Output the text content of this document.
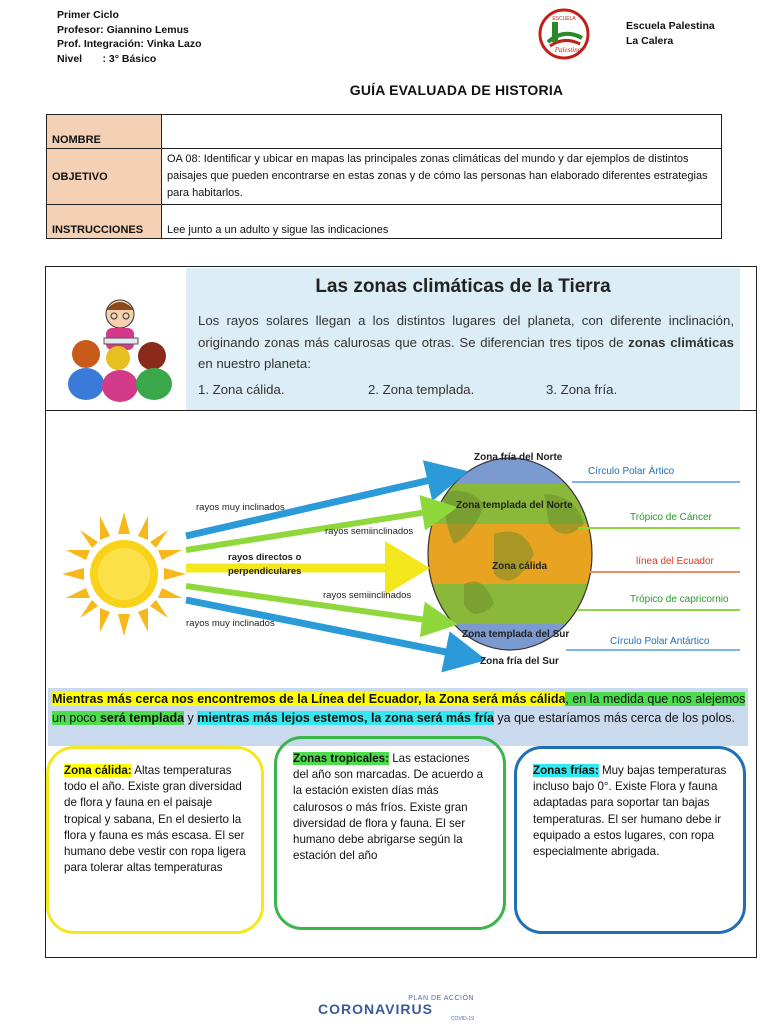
Primer Ciclo
Profesor: Giannino Lemus
Prof. Integración: Vinka Lazo
Nivel       : 3° Básico
ESCUELA
Palestina
Escuela Palestina
La Calera
GUÍA EVALUADA DE HISTORIA
NOMBRE	
OBJETIVO	OA 08: Identificar y ubicar en mapas las principales zonas climáticas del mundo y dar ejemplos de distintos paisajes que pueden encontrarse en estas zonas y de cómo las personas han elaborado diferentes estrategias para habitarlos.
INSTRUCCIONES	Lee junto a un adulto y sigue las indicaciones
Las zonas climáticas de la Tierra
Los rayos solares llegan a los distintos lugares del planeta, con diferente inclinación, originando zonas más calurosas que otras. Se diferencian tres tipos de zonas climáticas en nuestro planeta:
1. Zona cálida.	2. Zona templada.	3. Zona fría.
rayos muy inclinados
rayos semiinclinados
rayos directos o
perpendiculares
rayos semiinclinados
rayos muy inclinados
Zona fría del Norte
Zona templada del Norte
Zona cálida
Zona templada del Sur
Zona fría del Sur
Círculo Polar Ártico
Trópico de Cáncer
línea del Ecuador
Trópico de capricornio
Círculo Polar Antártico
Mientras más cerca nos encontremos de la Línea del Ecuador, la Zona será más cálida, en la medida que nos alejemos un poco será templada y mientras más lejos estemos, la zona será más fría ya que estaríamos más cerca de los polos.
Zona cálida: Altas temperaturas todo el año. Existe gran diversidad de flora y fauna en el paisaje tropical y sabana, En el desierto la flora y fauna es más escasa. El ser humano debe vestir con ropa ligera para tolerar altas temperaturas
Zonas tropicales: Las estaciones del año son marcadas. De acuerdo a la estación existen días más calurosos o más fríos. Existe gran diversidad de flora y fauna. El ser humano debe abrigarse según la estación del año
Zonas frías: Muy bajas temperaturas incluso bajo 0°. Existe Flora y fauna adaptadas para soportar tan bajas temperaturas. El ser humano debe ir equipado a estos lugares, con ropa especialmente abrigada.
PLAN DE ACCIÓN
CORONAVIRUS
COVID-19
